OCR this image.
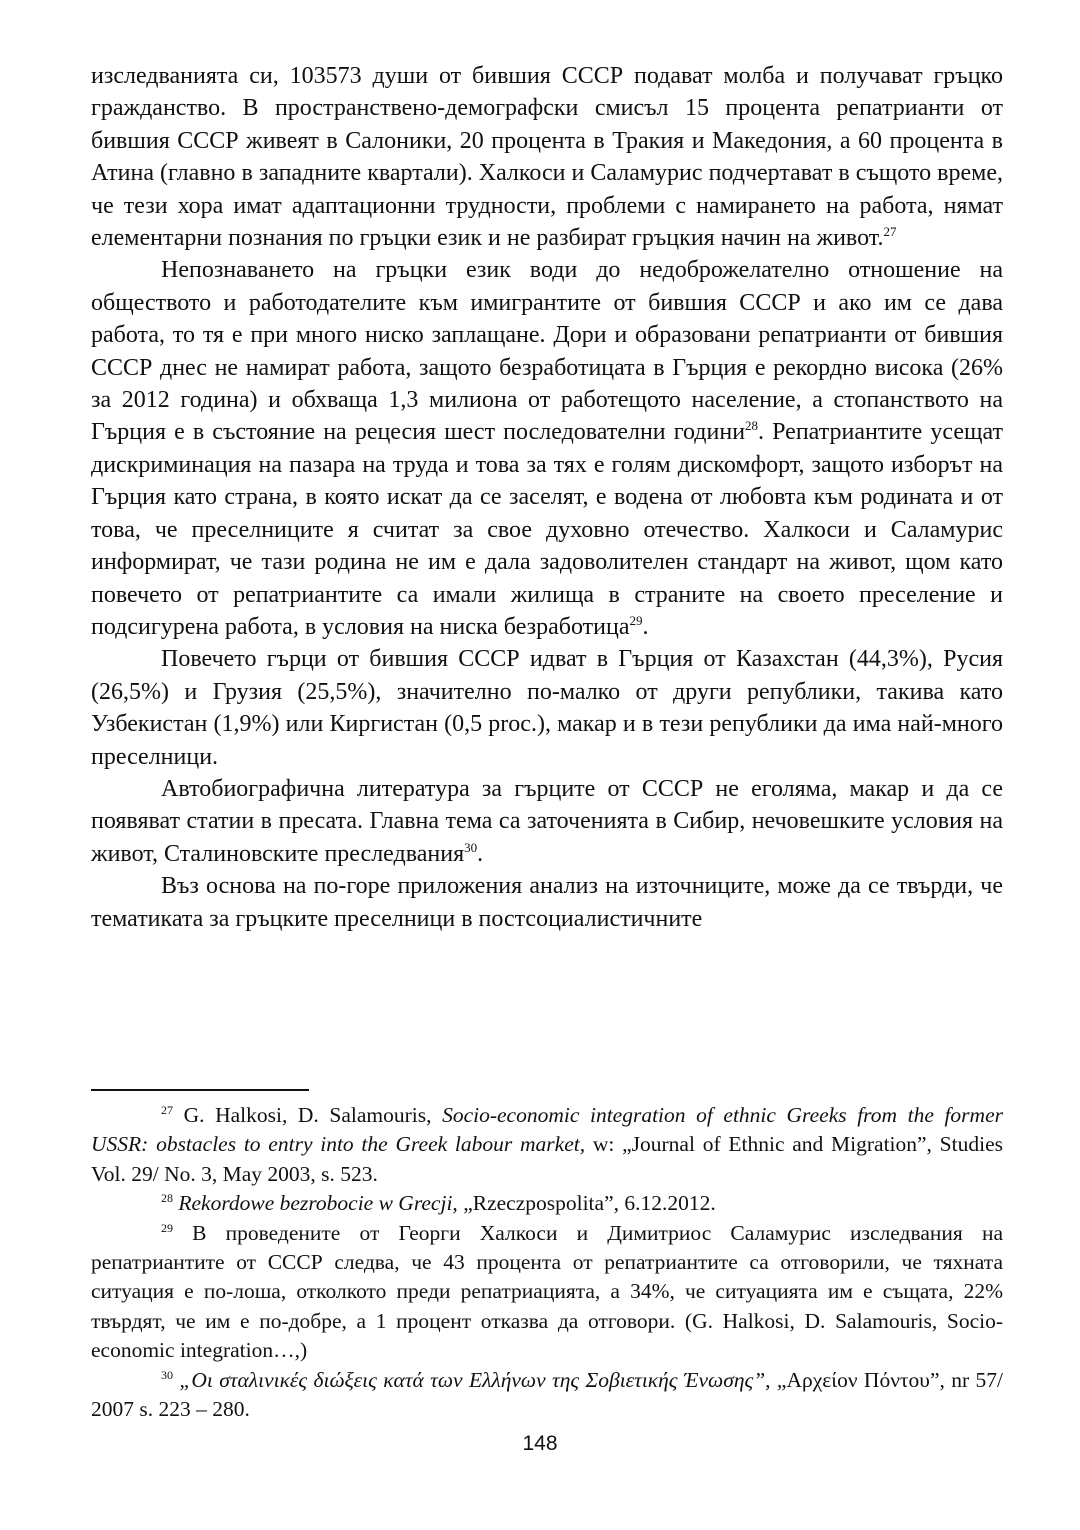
изследванията си, 103573 души от бившия СССР подават молба и получават гръцко гражданство. В пространствено-демографски смисъл 15 процента репатрианти от бившия СССР живеят в Салоники, 20 процента в Тракия и Македония, а 60 процента в Атина (главно в западните квартали). Халкоси и Саламурис подчертават в същото време, че тези хора имат адаптационни трудности, проблеми с намирането на работа, нямат елементарни познания по гръцки език и не разбират гръцкия начин на живот.$^{27}$

Непознаването на гръцки език води до недоброжелателно отношение на обществото и работодателите към имигрантите от бившия СССР и ако им се дава работа, то тя е при много ниско заплащане. Дори и образовани репатрианти от бившия СССР днес не намират работа, защото безработицата в Гърция е рекордно висока (26% за 2012 година) и обхваща 1,3 милиона от работещото население, а стопанството на Гърция е в състояние на рецесия шест последователни години$^{28}$. Репатриантите усещат дискриминация на пазара на труда и това за тях е голям дискомфорт, защото изборът на Гърция като страна, в която искат да се заселят, е водена от любовта към родината и от това, че преселниците я считат за свое духовно отечество. Халкоси и Саламурис информират, че тази родина не им е дала задоволителен стандарт на живот, щом като повечето от репатриантите са имали жилища в страните на своето преселение и подсигурена работа, в условия на ниска безработица$^{29}$.

Повечето гърци от бившия СССР идват в Гърция от Казахстан (44,3%), Русия (26,5%) и Грузия (25,5%), значително по-малко от други републики, такива като Узбекистан (1,9%) или Киргистан (0,5 proc.), макар и в тези републики да има най-много преселници.

Автобиографична литература за гърците от СССР не еголяма, макар и да се появяват статии в пресата. Главна тема са заточенията в Сибир, нечовешките условия на живот, Сталиновските преследвания$^{30}$.

Въз основа на по-горе приложения анализ на източниците, може да се твърди, че тематиката за гръцките преселници в постсоциалистичните

$^{27}$ G. Halkosi, D. Salamouris, Socio-economic integration of ethnic Greeks from the former USSR: obstacles to entry into the Greek labour market, w: „Journal of Ethnic and Migration”, Studies Vol. 29/ No. 3, May 2003, s. 523.

$^{28}$ Rekordowe bezrobocie w Grecji, „Rzeczpospolita”, 6.12.2012.

$^{29}$ В проведените от Георги Халкоси и Димитриос Саламурис изследвания на репатриантите от СССР следва, че 43 процента от репатриантите са отговорили, че тяхната ситуация е по-лоша, отколкото преди репатриацията, а 34%, че ситуацията им е същата, 22% твърдят, че им е по-добре, а 1 процент отказва да отговори. (G. Halkosi, D. Salamouris, Socio-economic integration…,)

$^{30}$ „Οι σταλινικές διώξεις κατά των Ελλήνων της Σοβιετικής Ένωσης”, „Αρχείον Πόντου”, nr 57/ 2007 s. 223 – 280.

148
